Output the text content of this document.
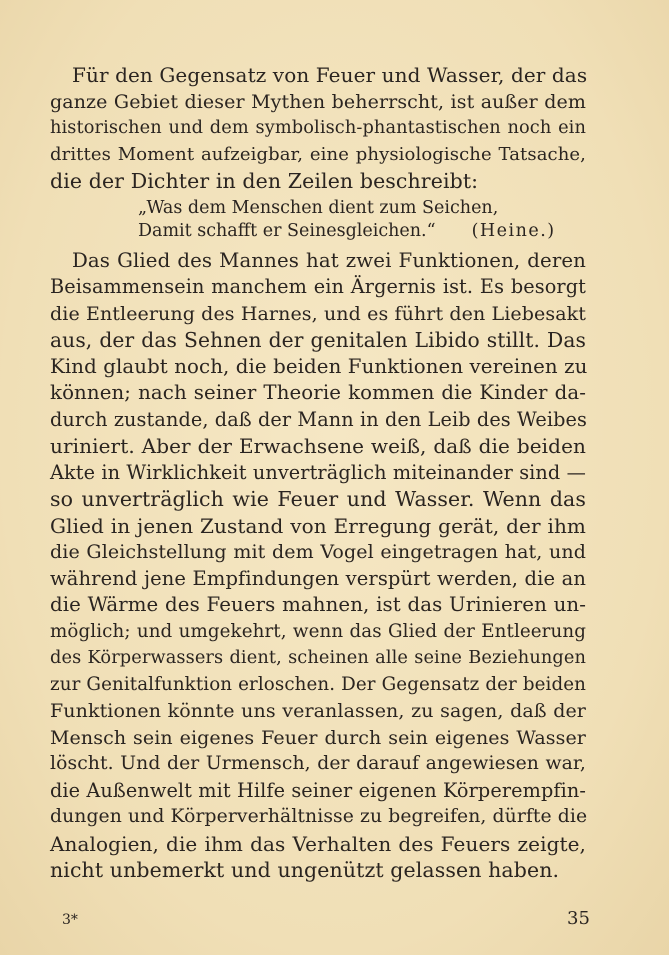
Für den Gegensatz von Feuer und Wasser, der das
ganze Gebiet dieser Mythen beherrscht, ist außer dem
historischen und dem symbolisch-phantastischen noch ein
drittes Moment aufzeigbar, eine physiologische Tatsache,
die der Dichter in den Zeilen beschreibt:
„Was dem Menschen dient zum Seichen,
Damit schafft er Seinesgleichen.“ (Heine.)
Das Glied des Mannes hat zwei Funktionen, deren
Beisammensein manchem ein Ärgernis ist. Es besorgt
die Entleerung des Harnes, und es führt den Liebesakt
aus, der das Sehnen der genitalen Libido stillt. Das
Kind glaubt noch, die beiden Funktionen vereinen zu
können; nach seiner Theorie kommen die Kinder da-
durch zustande, daß der Mann in den Leib des Weibes
uriniert. Aber der Erwachsene weiß, daß die beiden
Akte in Wirklichkeit unverträglich miteinander sind —
so unverträglich wie Feuer und Wasser. Wenn das
Glied in jenen Zustand von Erregung gerät, der ihm
die Gleichstellung mit dem Vogel eingetragen hat, und
während jene Empfindungen verspürt werden, die an
die Wärme des Feuers mahnen, ist das Urinieren un-
möglich; und umgekehrt, wenn das Glied der Entleerung
des Körperwassers dient, scheinen alle seine Beziehungen
zur Genitalfunktion erloschen. Der Gegensatz der beiden
Funktionen könnte uns veranlassen, zu sagen, daß der
Mensch sein eigenes Feuer durch sein eigenes Wasser
löscht. Und der Urmensch, der darauf angewiesen war,
die Außenwelt mit Hilfe seiner eigenen Körperempfin-
dungen und Körperverhältnisse zu begreifen, dürfte die
Analogien, die ihm das Verhalten des Feuers zeigte,
nicht unbemerkt und ungenützt gelassen haben.
3*	35
